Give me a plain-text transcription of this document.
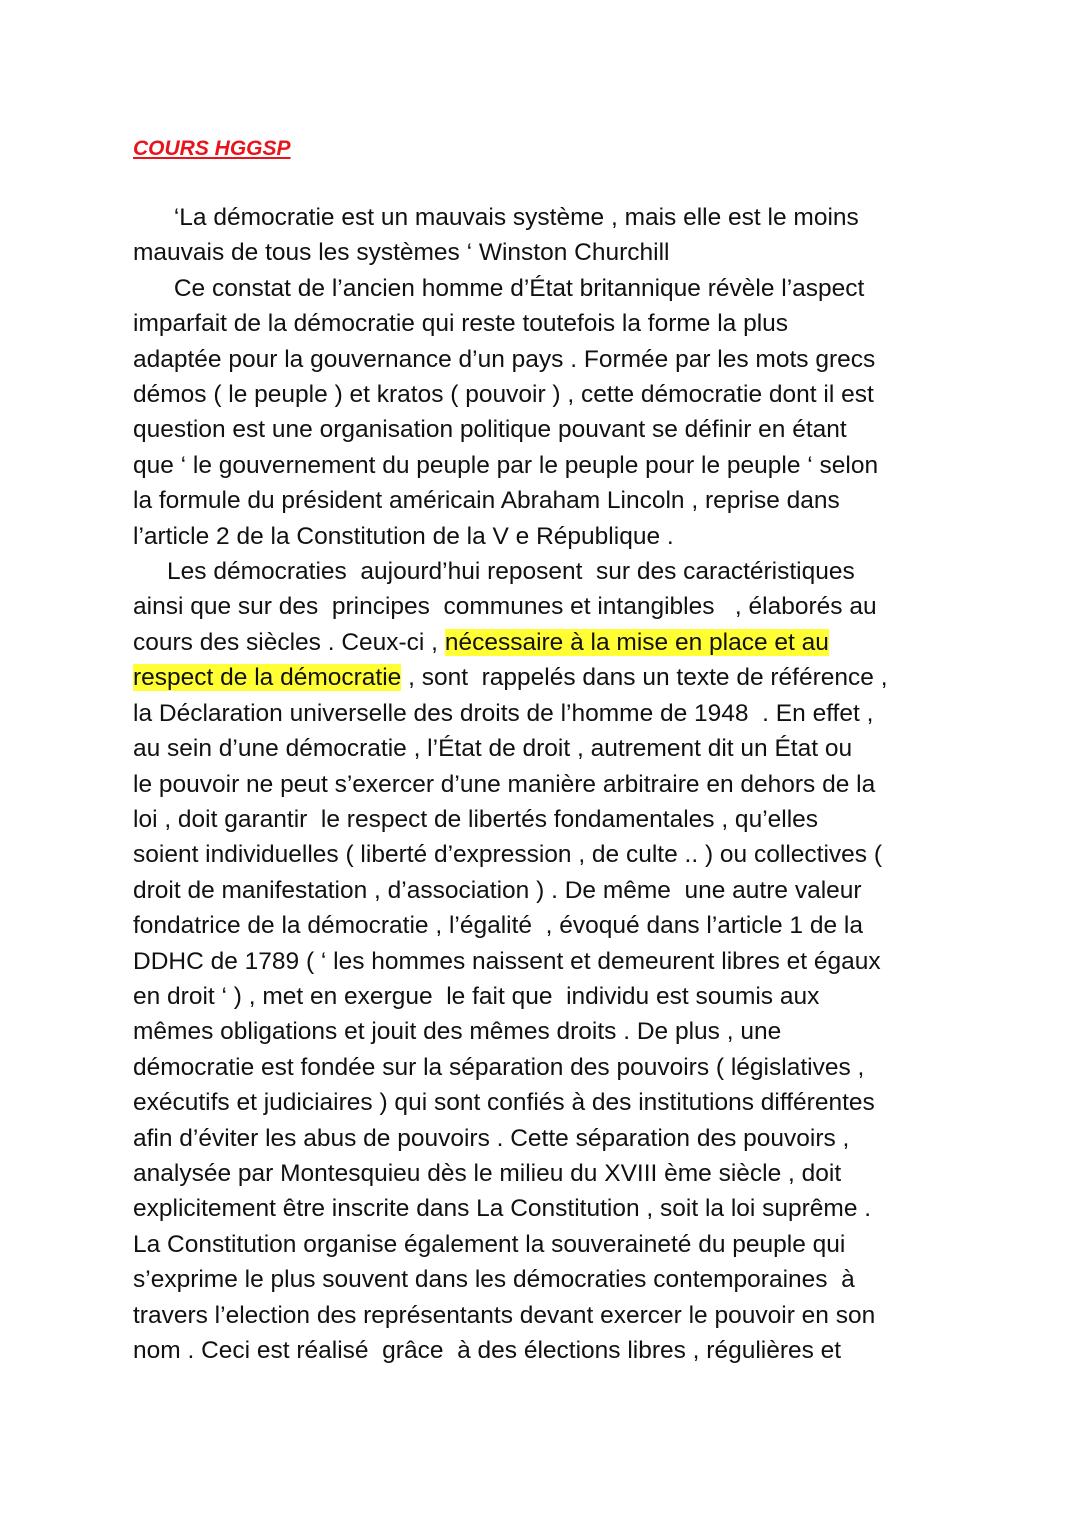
COURS HGGSP
‘La démocratie est un mauvais système , mais elle est le moins
mauvais de tous les systèmes ‘ Winston Churchill
Ce constat de l’ancien homme d’État britannique révèle l’aspect
imparfait de la démocratie qui reste toutefois la forme la plus
adaptée pour la gouvernance d’un pays . Formée par les mots grecs
démos ( le peuple ) et kratos ( pouvoir ) , cette démocratie dont il est
question est une organisation politique pouvant se définir en étant
que ‘ le gouvernement du peuple par le peuple pour le peuple ‘ selon
la formule du président américain Abraham Lincoln , reprise dans
l’article 2 de la Constitution de la V e République .
Les démocraties  aujourd’hui reposent  sur des caractéristiques
ainsi que sur des  principes  communes et intangibles   , élaborés au
cours des siècles . Ceux-ci , nécessaire à la mise en place et au
respect de la démocratie , sont  rappelés dans un texte de référence ,
la Déclaration universelle des droits de l’homme de 1948  . En effet ,
au sein d’une démocratie , l’État de droit , autrement dit un État ou
le pouvoir ne peut s’exercer d’une manière arbitraire en dehors de la
loi , doit garantir  le respect de libertés fondamentales , qu’elles
soient individuelles ( liberté d’expression , de culte .. ) ou collectives (
droit de manifestation , d’association ) . De même  une autre valeur
fondatrice de la démocratie , l’égalité  , évoqué dans l’article 1 de la
DDHC de 1789 ( ‘ les hommes naissent et demeurent libres et égaux
en droit ‘ ) , met en exergue  le fait que  individu est soumis aux
mêmes obligations et jouit des mêmes droits . De plus , une
démocratie est fondée sur la séparation des pouvoirs ( législatives ,
exécutifs et judiciaires ) qui sont confiés à des institutions différentes
afin d’éviter les abus de pouvoirs . Cette séparation des pouvoirs ,
analysée par Montesquieu dès le milieu du XVIII ème siècle , doit
explicitement être inscrite dans La Constitution , soit la loi suprême .
La Constitution organise également la souveraineté du peuple qui
s’exprime le plus souvent dans les démocraties contemporaines  à
travers l’election des représentants devant exercer le pouvoir en son
nom . Ceci est réalisé  grâce  à des élections libres , régulières et
